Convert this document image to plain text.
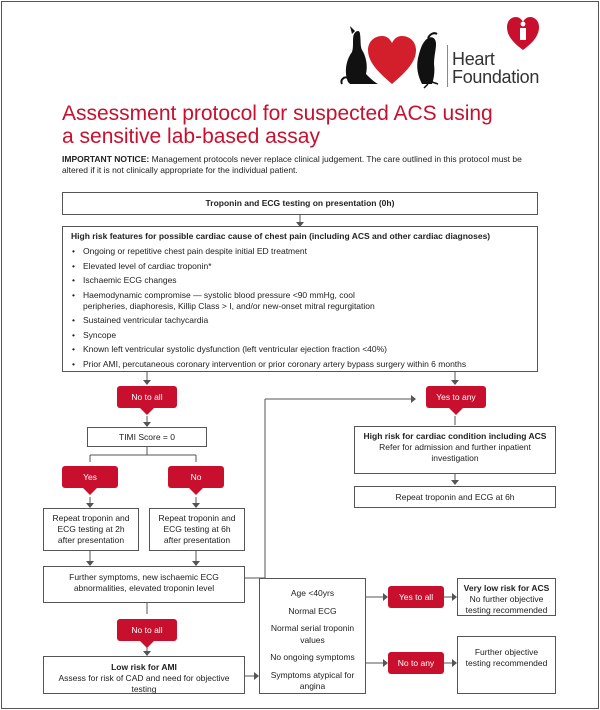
Heart
Foundation
Assessment protocol for suspected ACS using
a sensitive lab-based assay
IMPORTANT NOTICE: Management protocols never replace clinical judgement. The care outlined in this protocol must be altered if it is not clinically appropriate for the individual patient.
Troponin and ECG testing on presentation (0h)
High risk features for possible cardiac cause of chest pain (including ACS and other cardiac diagnoses)
• Ongoing or repetitive chest pain despite initial ED treatment
• Elevated level of cardiac troponin*
• Ischaemic ECG changes
• Haemodynamic compromise — systolic blood pressure <90 mmHg, cool peripheries, diaphoresis, Killip Class > I, and/or new-onset mitral regurgitation
• Sustained ventricular tachycardia
• Syncope
• Known left ventricular systolic dysfunction (left ventricular ejection fraction <40%)
• Prior AMI, percutaneous coronary intervention or prior coronary artery bypass surgery within 6 months
No to all	Yes to any
TIMI Score = 0
Yes	No
Repeat troponin and ECG testing at 2h after presentation
Repeat troponin and ECG testing at 6h after presentation
High risk for cardiac condition including ACS
Refer for admission and further inpatient investigation
Repeat troponin and ECG at 6h
Further symptoms, new ischaemic ECG abnormalities, elevated troponin level
No to all
Low risk for AMI
Assess for risk of CAD and need for objective testing
Age <40yrs
Normal ECG
Normal serial troponin values
No ongoing symptoms
Symptoms atypical for angina
Yes to all
No to any
Very low risk for ACS
No further objective testing recommended
Further objective testing recommended
